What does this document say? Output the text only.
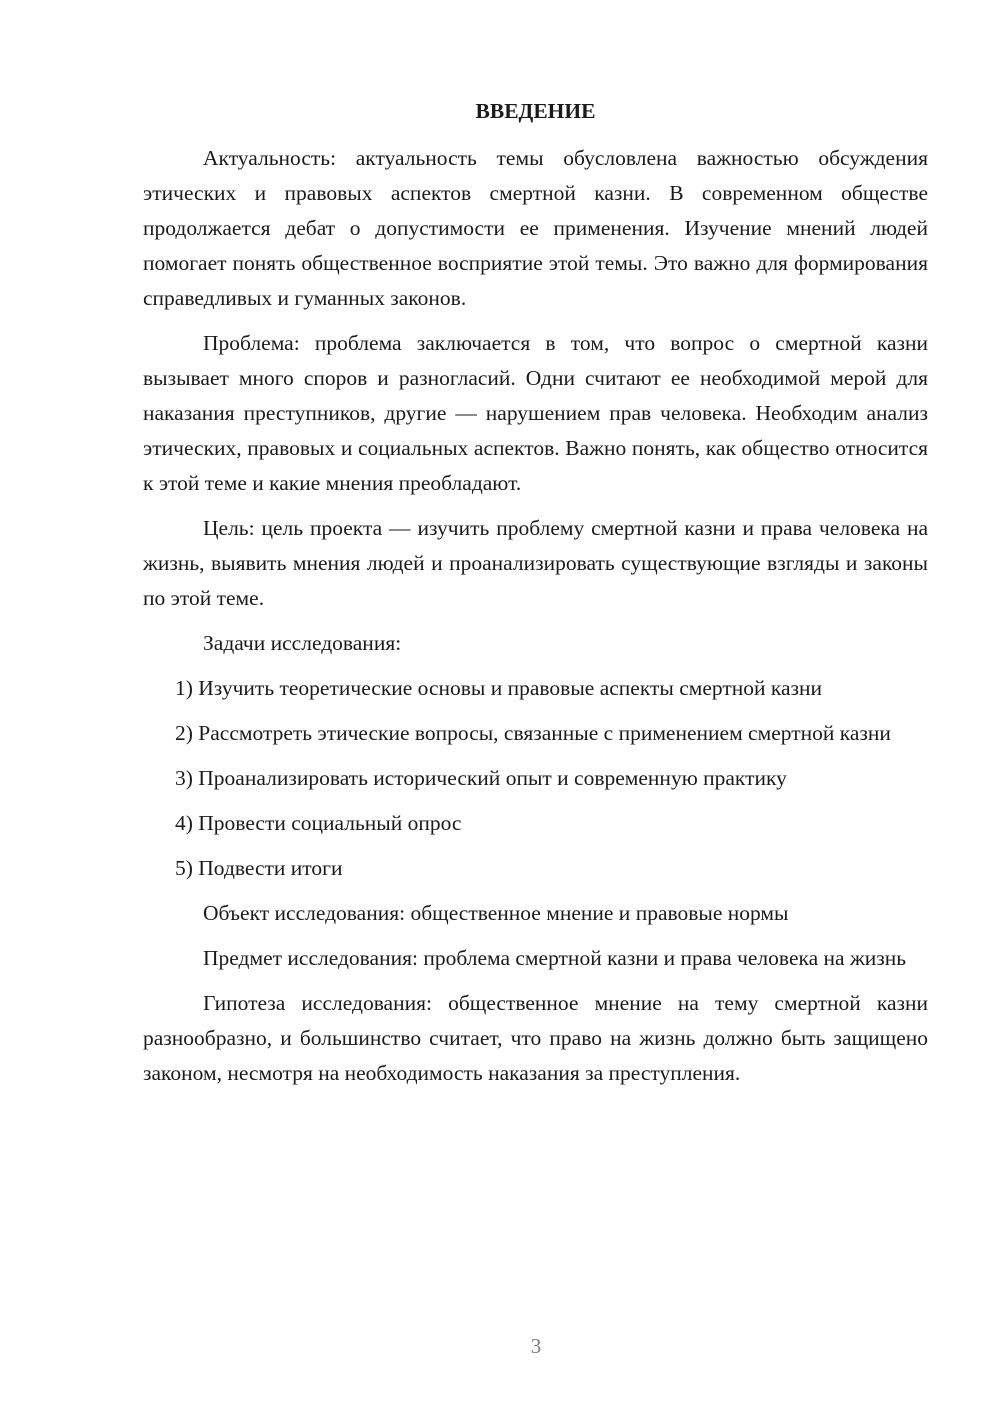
ВВЕДЕНИЕ

Актуальность: актуальность темы обусловлена важностью обсуждения этических и правовых аспектов смертной казни. В современном обществе продолжается дебат о допустимости ее применения. Изучение мнений людей помогает понять общественное восприятие этой темы. Это важно для формирования справедливых и гуманных законов.

Проблема: проблема заключается в том, что вопрос о смертной казни вызывает много споров и разногласий. Одни считают ее необходимой мерой для наказания преступников, другие — нарушением прав человека. Необходим анализ этических, правовых и социальных аспектов. Важно понять, как общество относится к этой теме и какие мнения преобладают.

Цель: цель проекта — изучить проблему смертной казни и права человека на жизнь, выявить мнения людей и проанализировать существующие взгляды и законы по этой теме.

Задачи исследования:

1) Изучить теоретические основы и правовые аспекты смертной казни

2) Рассмотреть этические вопросы, связанные с применением смертной казни

3) Проанализировать исторический опыт и современную практику

4) Провести социальный опрос

5) Подвести итоги

Объект исследования: общественное мнение и правовые нормы

Предмет исследования: проблема смертной казни и права человека на жизнь

Гипотеза исследования: общественное мнение на тему смертной казни разнообразно, и большинство считает, что право на жизнь должно быть защищено законом, несмотря на необходимость наказания за преступления.

3
